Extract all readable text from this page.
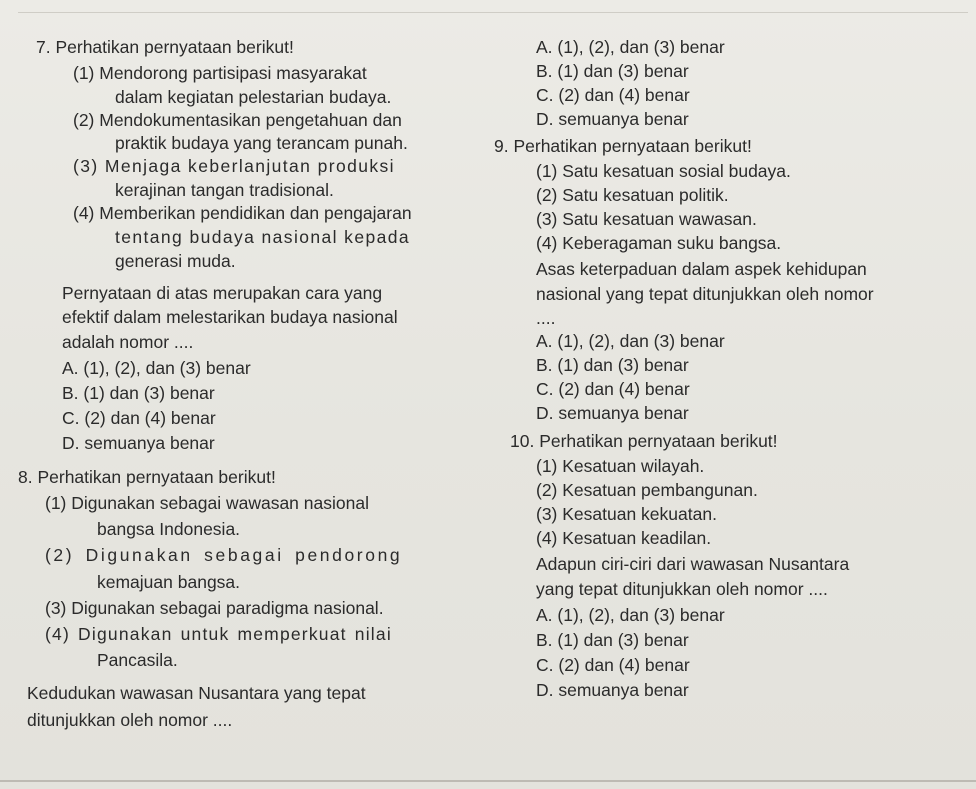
7. Perhatikan pernyataan berikut!
(1) Mendorong partisipasi masyarakat
dalam kegiatan pelestarian budaya.
(2) Mendokumentasikan pengetahuan dan
praktik budaya yang terancam punah.
(3) Menjaga keberlanjutan produksi
kerajinan tangan tradisional.
(4) Memberikan pendidikan dan pengajaran
tentang budaya nasional kepada
generasi muda.
Pernyataan di atas merupakan cara yang
efektif dalam melestarikan budaya nasional
adalah nomor ....
A. (1), (2), dan (3) benar
B. (1) dan (3) benar
C. (2) dan (4) benar
D. semuanya benar
8. Perhatikan pernyataan berikut!
(1) Digunakan sebagai wawasan nasional
bangsa Indonesia.
(2) Digunakan sebagai pendorong
kemajuan bangsa.
(3) Digunakan sebagai paradigma nasional.
(4) Digunakan untuk memperkuat nilai
Pancasila.
Kedudukan wawasan Nusantara yang tepat
ditunjukkan oleh nomor ....
A. (1), (2), dan (3) benar
B. (1) dan (3) benar
C. (2) dan (4) benar
D. semuanya benar
9. Perhatikan pernyataan berikut!
(1) Satu kesatuan sosial budaya.
(2) Satu kesatuan politik.
(3) Satu kesatuan wawasan.
(4) Keberagaman suku bangsa.
Asas keterpaduan dalam aspek kehidupan
nasional yang tepat ditunjukkan oleh nomor
....
A. (1), (2), dan (3) benar
B. (1) dan (3) benar
C. (2) dan (4) benar
D. semuanya benar
10. Perhatikan pernyataan berikut!
(1) Kesatuan wilayah.
(2) Kesatuan pembangunan.
(3) Kesatuan kekuatan.
(4) Kesatuan keadilan.
Adapun ciri-ciri dari wawasan Nusantara
yang tepat ditunjukkan oleh nomor ....
A. (1), (2), dan (3) benar
B. (1) dan (3) benar
C. (2) dan (4) benar
D. semuanya benar
